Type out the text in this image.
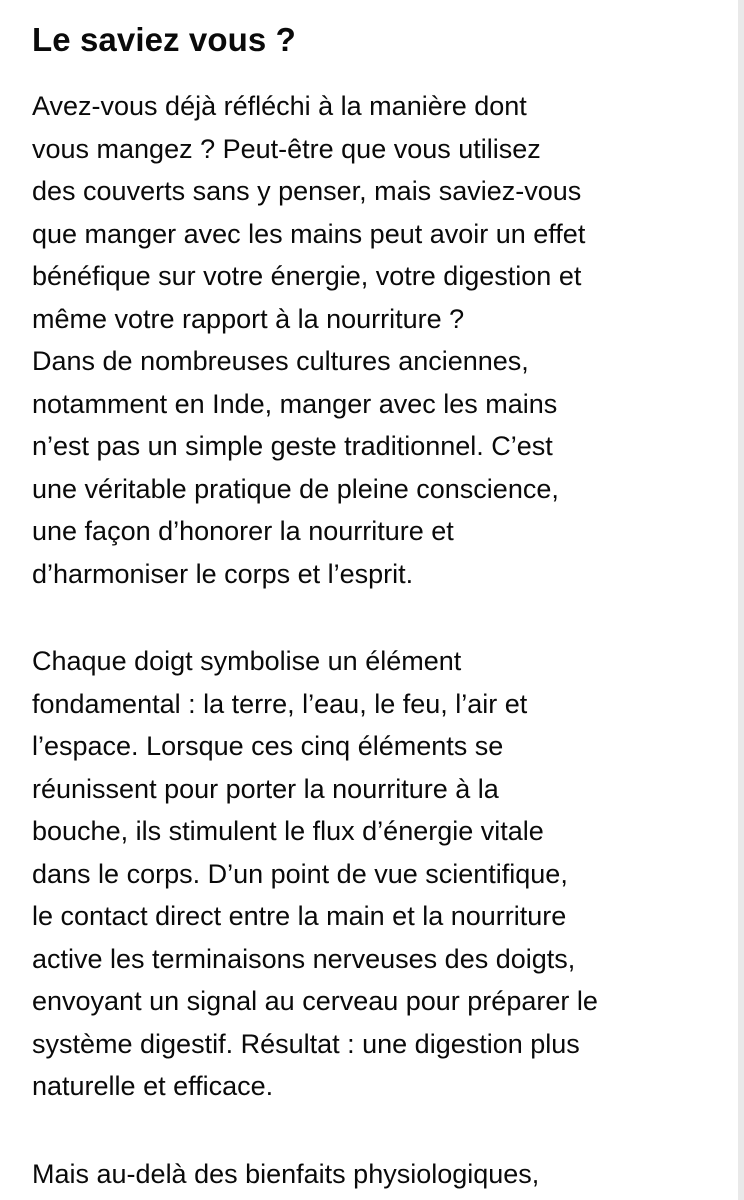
Le saviez vous ?

Avez-vous déjà réfléchi à la manière dont
vous mangez ? Peut-être que vous utilisez
des couverts sans y penser, mais saviez-vous
que manger avec les mains peut avoir un effet
bénéfique sur votre énergie, votre digestion et
même votre rapport à la nourriture ?
Dans de nombreuses cultures anciennes,
notamment en Inde, manger avec les mains
n’est pas un simple geste traditionnel. C’est
une véritable pratique de pleine conscience,
une façon d’honorer la nourriture et
d’harmoniser le corps et l’esprit.

Chaque doigt symbolise un élément
fondamental : la terre, l’eau, le feu, l’air et
l’espace. Lorsque ces cinq éléments se
réunissent pour porter la nourriture à la
bouche, ils stimulent le flux d’énergie vitale
dans le corps. D’un point de vue scientifique,
le contact direct entre la main et la nourriture
active les terminaisons nerveuses des doigts,
envoyant un signal au cerveau pour préparer le
système digestif. Résultat : une digestion plus
naturelle et efficace.

Mais au-delà des bienfaits physiologiques,
